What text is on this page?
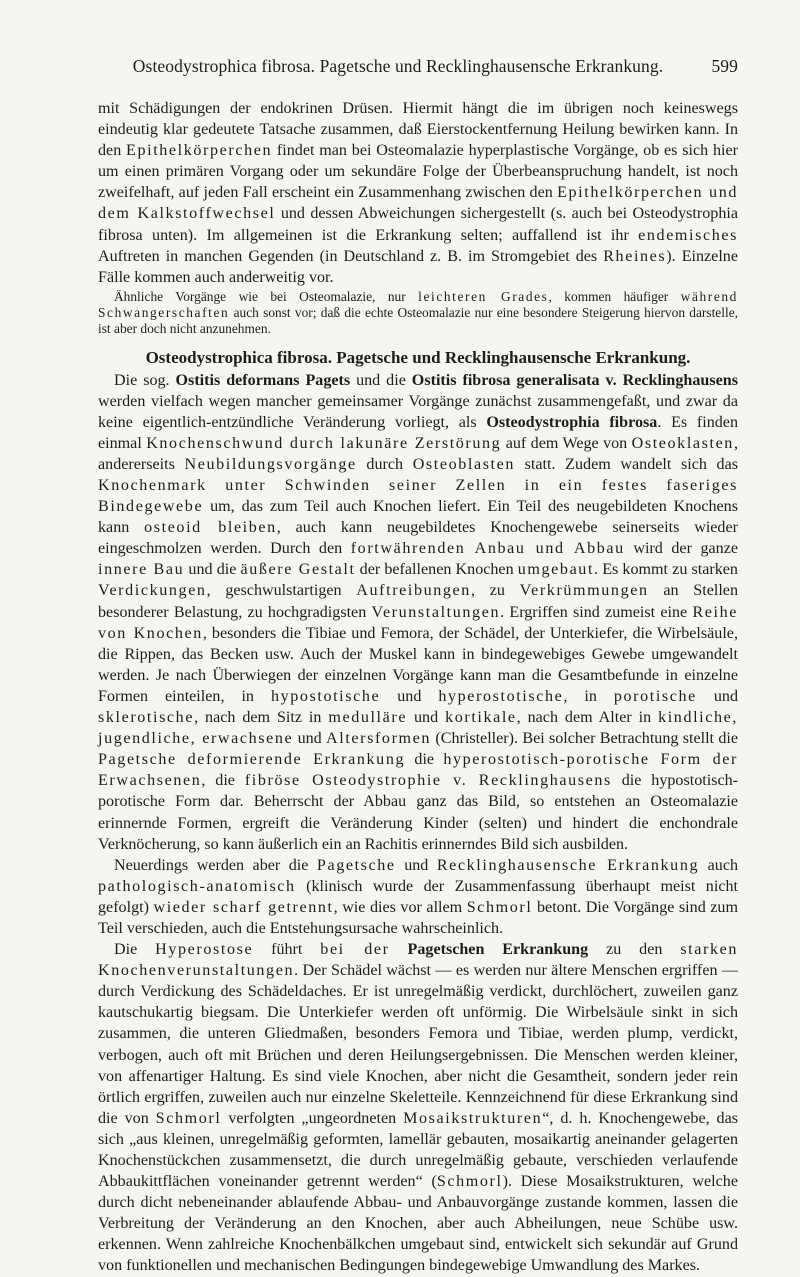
Osteodystrophica fibrosa. Pagetsche und Recklinghausensche Erkrankung.	599

mit Schädigungen der endokrinen Drüsen. Hiermit hängt die im übrigen noch keineswegs eindeutig klar gedeutete Tatsache zusammen, daß Eierstockentfernung Heilung bewirken kann. In den Epithelkörperchen findet man bei Osteomalazie hyperplastische Vorgänge, ob es sich hier um einen primären Vorgang oder um sekundäre Folge der Überbeanspruchung handelt, ist noch zweifelhaft, auf jeden Fall erscheint ein Zusammenhang zwischen den Epithelkörperchen und dem Kalkstoffwechsel und dessen Abweichungen sichergestellt (s. auch bei Osteodystrophia fibrosa unten). Im allgemeinen ist die Erkrankung selten; auffallend ist ihr endemisches Auftreten in manchen Gegenden (in Deutschland z. B. im Stromgebiet des Rheines). Einzelne Fälle kommen auch anderweitig vor.

Ähnliche Vorgänge wie bei Osteomalazie, nur leichteren Grades, kommen häufiger während Schwangerschaften auch sonst vor; daß die echte Osteomalazie nur eine besondere Steigerung hiervon darstelle, ist aber doch nicht anzunehmen.

Osteodystrophica fibrosa. Pagetsche und Recklinghausensche Erkrankung.

Die sog. Ostitis deformans Pagets und die Ostitis fibrosa generalisata v. Recklinghausens werden vielfach wegen mancher gemeinsamer Vorgänge zunächst zusammengefaßt, und zwar da keine eigentlich-entzündliche Veränderung vorliegt, als Osteodystrophia fibrosa. Es finden einmal Knochenschwund durch lakunäre Zerstörung auf dem Wege von Osteoklasten, andererseits Neubildungsvorgänge durch Osteoblasten statt. Zudem wandelt sich das Knochenmark unter Schwinden seiner Zellen in ein festes faseriges Bindegewebe um, das zum Teil auch Knochen liefert. Ein Teil des neugebildeten Knochens kann osteoid bleiben, auch kann neugebildetes Knochengewebe seinerseits wieder eingeschmolzen werden. Durch den fortwährenden Anbau und Abbau wird der ganze innere Bau und die äußere Gestalt der befallenen Knochen umgebaut. Es kommt zu starken Verdickungen, geschwulstartigen Auftreibungen, zu Verkrümmungen an Stellen besonderer Belastung, zu hochgradigsten Verunstaltungen. Ergriffen sind zumeist eine Reihe von Knochen, besonders die Tibiae und Femora, der Schädel, der Unterkiefer, die Wirbelsäule, die Rippen, das Becken usw. Auch der Muskel kann in bindegewebiges Gewebe umgewandelt werden. Je nach Überwiegen der einzelnen Vorgänge kann man die Gesamtbefunde in einzelne Formen einteilen, in hypostotische und hyperostotische, in porotische und sklerotische, nach dem Sitz in medulläre und kortikale, nach dem Alter in kindliche, jugendliche, erwachsene und Altersformen (Christeller). Bei solcher Betrachtung stellt die Pagetsche deformierende Erkrankung die hyperostotisch-porotische Form der Erwachsenen, die fibröse Osteodystrophie v. Recklinghausens die hypostotisch-porotische Form dar. Beherrscht der Abbau ganz das Bild, so entstehen an Osteomalazie erinnernde Formen, ergreift die Veränderung Kinder (selten) und hindert die enchondrale Verknöcherung, so kann äußerlich ein an Rachitis erinnerndes Bild sich ausbilden.

Neuerdings werden aber die Pagetsche und Recklinghausensche Erkrankung auch pathologisch-anatomisch (klinisch wurde der Zusammenfassung überhaupt meist nicht gefolgt) wieder scharf getrennt, wie dies vor allem Schmorl betont. Die Vorgänge sind zum Teil verschieden, auch die Entstehungsursache wahrscheinlich.

Die Hyperostose führt bei der Pagetschen Erkrankung zu den starken Knochenverunstaltungen. Der Schädel wächst — es werden nur ältere Menschen ergriffen — durch Verdickung des Schädeldaches. Er ist unregelmäßig verdickt, durchlöchert, zuweilen ganz kautschukartig biegsam. Die Unterkiefer werden oft unförmig. Die Wirbelsäule sinkt in sich zusammen, die unteren Gliedmaßen, besonders Femora und Tibiae, werden plump, verdickt, verbogen, auch oft mit Brüchen und deren Heilungsergebnissen. Die Menschen werden kleiner, von affenartiger Haltung. Es sind viele Knochen, aber nicht die Gesamtheit, sondern jeder rein örtlich ergriffen, zuweilen auch nur einzelne Skeletteile. Kennzeichnend für diese Erkrankung sind die von Schmorl verfolgten „ungeordneten Mosaikstrukturen“, d. h. Knochengewebe, das sich „aus kleinen, unregelmäßig geformten, lamellär gebauten, mosaikartig aneinander gelagerten Knochenstückchen zusammensetzt, die durch unregelmäßig gebaute, verschieden verlaufende Abbaukittflächen voneinander getrennt werden“ (Schmorl). Diese Mosaikstrukturen, welche durch dicht nebeneinander ablaufende Abbau- und Anbauvorgänge zustande kommen, lassen die Verbreitung der Veränderung an den Knochen, aber auch Abheilungen, neue Schübe usw. erkennen. Wenn zahlreiche Knochenbälkchen umgebaut sind, entwickelt sich sekundär auf Grund von funktionellen und mechanischen Bedingungen bindegewebige Umwandlung des Markes.
